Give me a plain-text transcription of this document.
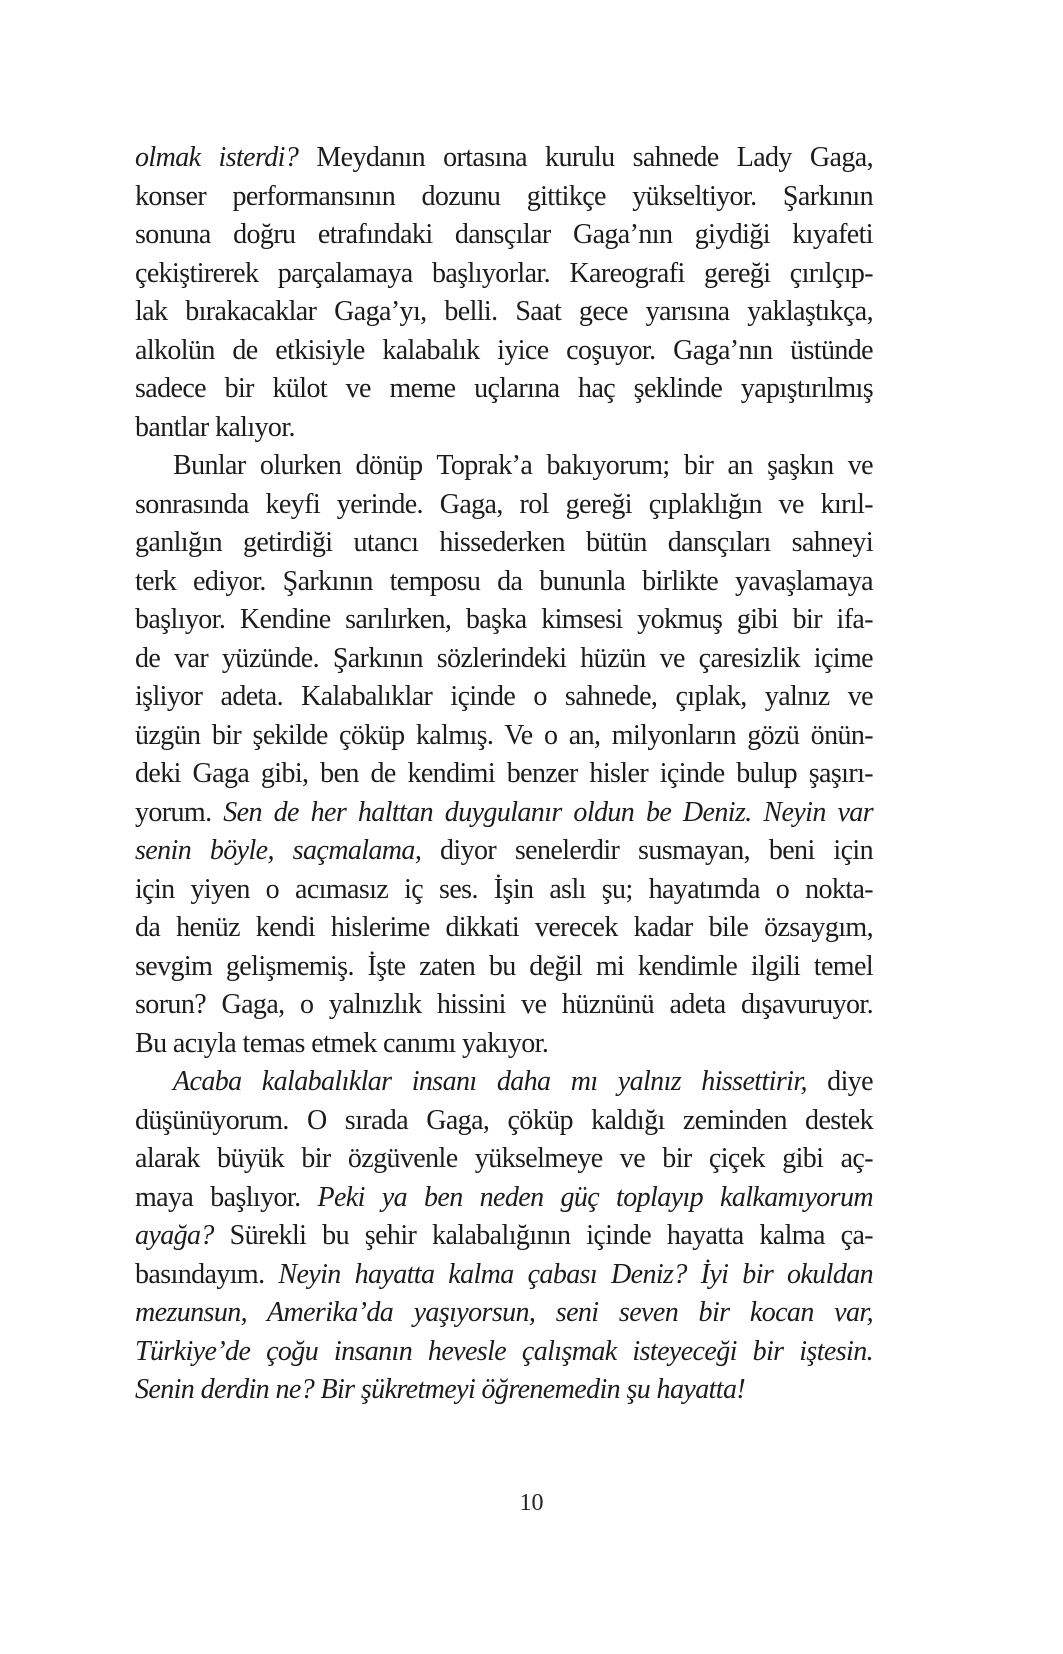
olmak isterdi? Meydanın ortasına kurulu sahnede Lady Gaga,
konser performansının dozunu gittikçe yükseltiyor. Şarkının
sonuna doğru etrafındaki dansçılar Gaga’nın giydiği kıyafeti
çekiştirerek parçalamaya başlıyorlar. Kareografi gereği çırılçıp-
lak bırakacaklar Gaga’yı, belli. Saat gece yarısına yaklaştıkça,
alkolün de etkisiyle kalabalık iyice coşuyor. Gaga’nın üstünde
sadece bir külot ve meme uçlarına haç şeklinde yapıştırılmış
bantlar kalıyor.
Bunlar olurken dönüp Toprak’a bakıyorum; bir an şaşkın ve
sonrasında keyfi yerinde. Gaga, rol gereği çıplaklığın ve kırıl-
ganlığın getirdiği utancı hissederken bütün dansçıları sahneyi
terk ediyor. Şarkının temposu da bununla birlikte yavaşlamaya
başlıyor. Kendine sarılırken, başka kimsesi yokmuş gibi bir ifa-
de var yüzünde. Şarkının sözlerindeki hüzün ve çaresizlik içime
işliyor adeta. Kalabalıklar içinde o sahnede, çıplak, yalnız ve
üzgün bir şekilde çöküp kalmış. Ve o an, milyonların gözü önün-
deki Gaga gibi, ben de kendimi benzer hisler içinde bulup şaşırı-
yorum. Sen de her halttan duygulanır oldun be Deniz. Neyin var
senin böyle, saçmalama, diyor senelerdir susmayan, beni için
için yiyen o acımasız iç ses. İşin aslı şu; hayatımda o nokta-
da henüz kendi hislerime dikkati verecek kadar bile özsaygım,
sevgim gelişmemiş. İşte zaten bu değil mi kendimle ilgili temel
sorun? Gaga, o yalnızlık hissini ve hüznünü adeta dışavuruyor.
Bu acıyla temas etmek canımı yakıyor.
Acaba kalabalıklar insanı daha mı yalnız hissettirir, diye
düşünüyorum. O sırada Gaga, çöküp kaldığı zeminden destek
alarak büyük bir özgüvenle yükselmeye ve bir çiçek gibi aç-
maya başlıyor. Peki ya ben neden güç toplayıp kalkamıyorum
ayağa? Sürekli bu şehir kalabalığının içinde hayatta kalma ça-
basındayım. Neyin hayatta kalma çabası Deniz? İyi bir okuldan
mezunsun, Amerika’da yaşıyorsun, seni seven bir kocan var,
Türkiye’de çoğu insanın hevesle çalışmak isteyeceği bir iştesin.
Senin derdin ne? Bir şükretmeyi öğrenemedin şu hayatta!
10
